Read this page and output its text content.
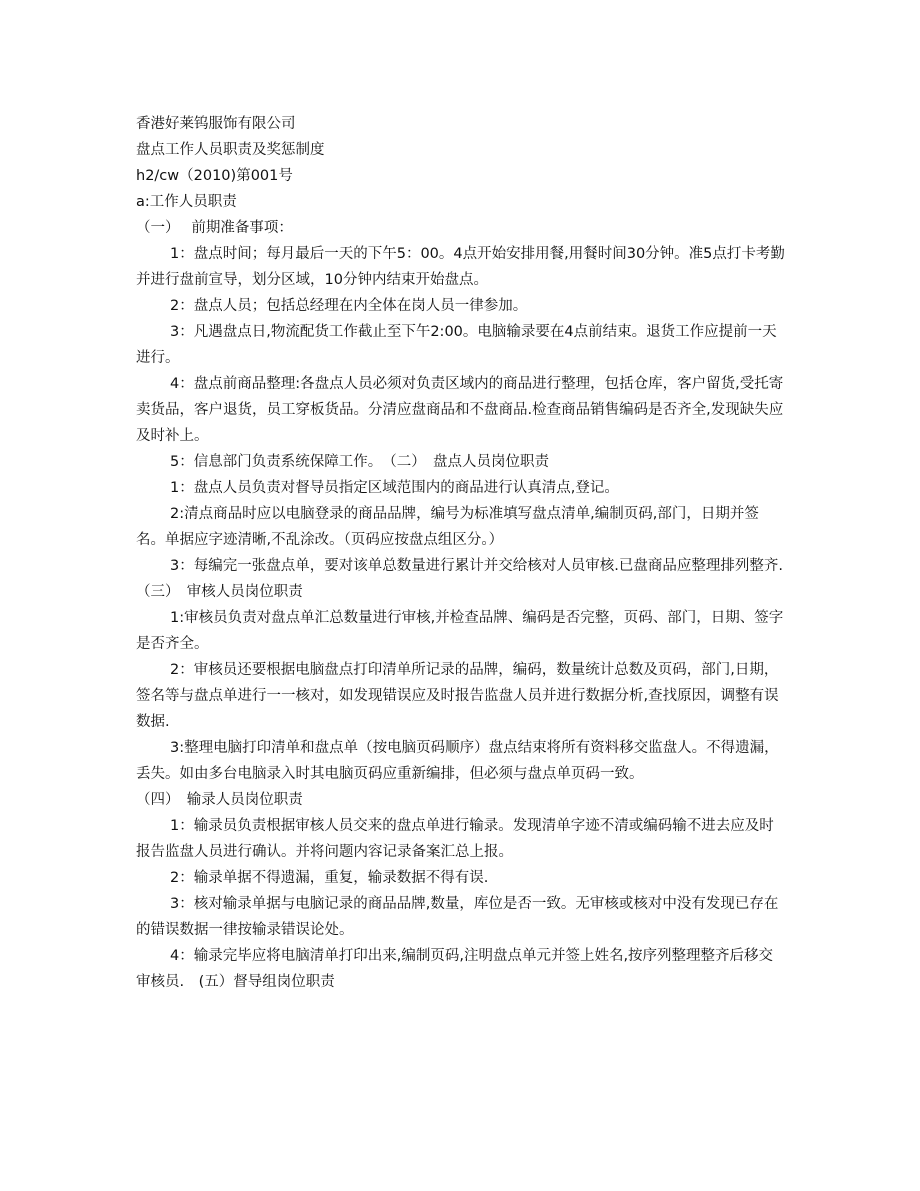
香港好莱钨服饰有限公司

盘点工作人员职责及奖惩制度

h2/cw（2010)第001号

a:工作人员职责

（一）　 前期准备事项：

1：盘点时间；每月最后一天的下午5：00。4点开始安排用餐,用餐时间30分钟。准5点打卡考勤并进行盘前宣导，划分区域，10分钟内结束开始盘点。

2：盘点人员；包括总经理在内全体在岗人员一律参加。

3：凡遇盘点日,物流配货工作截止至下午2:00。电脑输录要在4点前结束。退货工作应提前一天进行。

4：盘点前商品整理:各盘点人员必须对负责区域内的商品进行整理，包括仓库，客户留货,受托寄卖货品，客户退货，员工穿板货品。分清应盘商品和不盘商品.检查商品销售编码是否齐全,发现缺失应及时补上。

5：信息部门负责系统保障工作。　（二）　盘点人员岗位职责

1：盘点人员负责对督导员指定区域范围内的商品进行认真清点,登记。

2:清点商品时应以电脑登录的商品品牌，编号为标准填写盘点清单,编制页码,部门，日期并签名。单据应字迹清晰,不乱涂改。（页码应按盘点组区分。）

3：每编完一张盘点单，要对该单总数量进行累计并交给核对人员审核.已盘商品应整理排列整齐.

（三）　审核人员岗位职责

1:审核员负责对盘点单汇总数量进行审核,并检查品牌、编码是否完整，页码、部门，日期、签字是否齐全。

2：审核员还要根据电脑盘点打印清单所记录的品牌，编码，数量统计总数及页码，部门,日期，签名等与盘点单进行一一核对，如发现错误应及时报告监盘人员并进行数据分析,查找原因，调整有误数据.

3:整理电脑打印清单和盘点单（按电脑页码顺序）盘点结束将所有资料移交监盘人。不得遗漏，丢失。如由多台电脑录入时其电脑页码应重新编排，但必须与盘点单页码一致。

（四）　输录人员岗位职责

1：输录员负责根据审核人员交来的盘点单进行输录。发现清单字迹不清或编码输不进去应及时报告监盘人员进行确认。并将问题内容记录备案汇总上报。

2：输录单据不得遗漏，重复，输录数据不得有误.

3：核对输录单据与电脑记录的商品品牌,数量，库位是否一致。无审核或核对中没有发现已存在的错误数据一律按输录错误论处。

4：输录完毕应将电脑清单打印出来,编制页码,注明盘点单元并签上姓名,按序列整理整齐后移交审核员.　(五）督导组岗位职责
